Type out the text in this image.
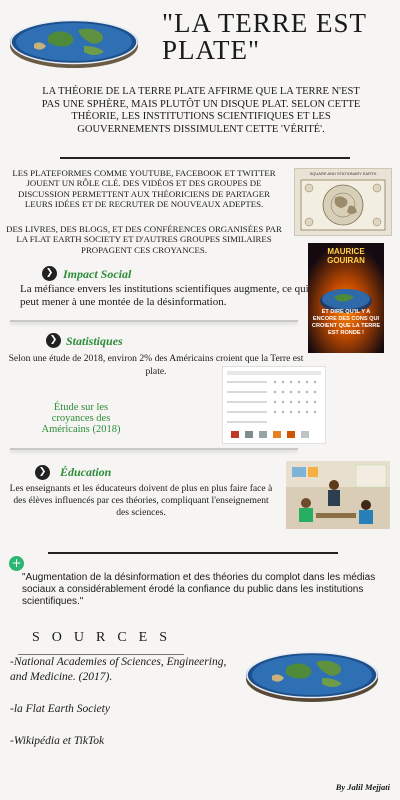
"LA TERRE EST PLATE"
LA THÉORIE DE LA TERRE PLATE AFFIRME QUE LA TERRE N'EST PAS UNE SPHÈRE, MAIS PLUTÔT UN DISQUE PLAT. SELON CETTE THÉORIE, LES INSTITUTIONS SCIENTIFIQUES ET LES GOUVERNEMENTS DISSIMULENT CETTE 'VÉRITÉ'.
LES PLATEFORMES COMME YOUTUBE, FACEBOOK ET TWITTER JOUENT UN RÔLE CLÉ. DES VIDÉOS ET DES GROUPES DE DISCUSSION PERMETTENT AUX THÉORICIENS DE PARTAGER LEURS IDÉES ET DE RECRUTER DE NOUVEAUX ADEPTES.
DES LIVRES, DES BLOGS, ET DES CONFÉRENCES ORGANISÉES PAR LA FLAT EARTH SOCIETY ET D'AUTRES GROUPES SIMILAIRES PROPAGENT CES CROYANCES.
SQUARE AND STATIONARY EARTH
MAURICE GOUIRAN
ET DIRE QU'IL Y A ENCORE DES CONS QUI CROIENT QUE LA TERRE EST RONDE !
❯ Impact Social
La méfiance envers les institutions scientifiques augmente, ce qui peut mener à une montée de la désinformation.
❯ Statistiques
Selon une étude de 2018, environ 2% des Américains croient que la Terre est plate.
Étude sur les croyances des Américains (2018)
❯	Éducation
Les enseignants et les éducateurs doivent de plus en plus faire face à des élèves influencés par ces théories, compliquant l'enseignement des sciences.
+
"Augmentation de la désinformation et des théories du complot dans les médias sociaux a considérablement érodé la confiance du public dans les institutions scientifiques."
SOURCES
-National Academies of Sciences, Engineering, and Medicine. (2017).
-la Flat Earth Society
-Wikipédia et TikTok
By Jalil Mejjati
